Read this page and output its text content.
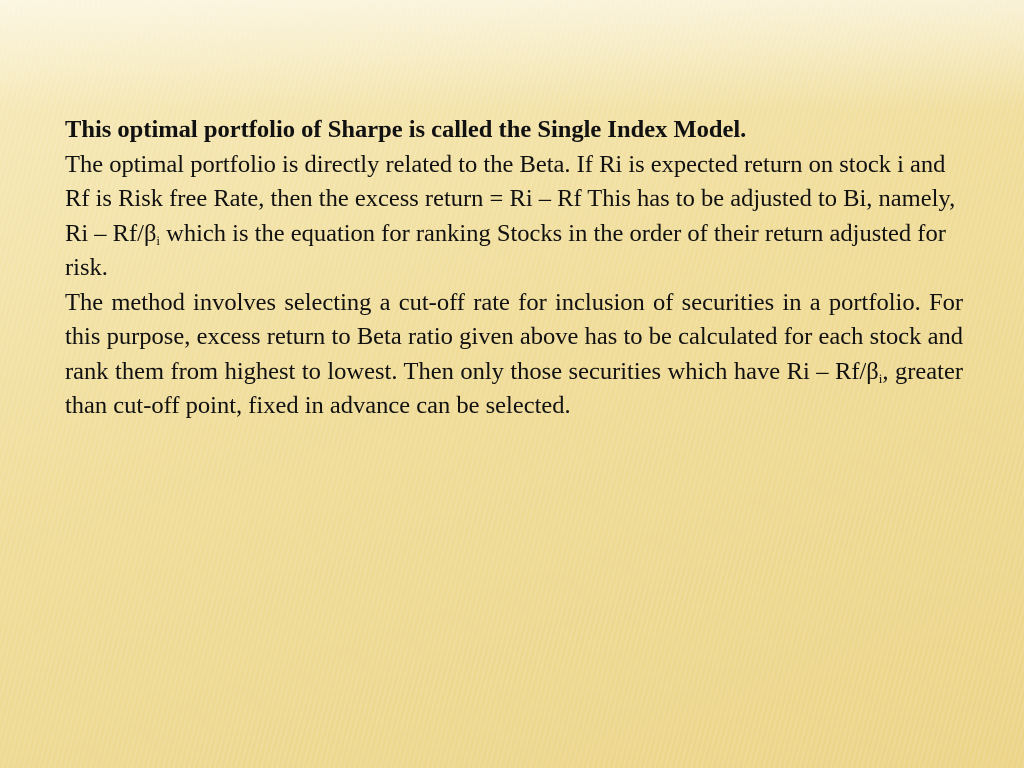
This optimal portfolio of Sharpe is called the Single Index Model.

The optimal portfolio is directly related to the Beta. If Ri is expected return on stock i and Rf is Risk free Rate, then the excess return = Ri – Rf This has to be adjusted to Bi, namely,

Ri – $Rf/\beta_i$ which is the equation for ranking Stocks in the order of their return adjusted for risk.

The method involves selecting a cut-off rate for inclusion of securities in a portfolio. For this purpose, excess return to Beta ratio given above has to be calculated for each stock and rank them from highest to lowest. Then only those securities which have Ri – $Rf/\beta_i$, greater than cut-off point, fixed in advance can be selected.
